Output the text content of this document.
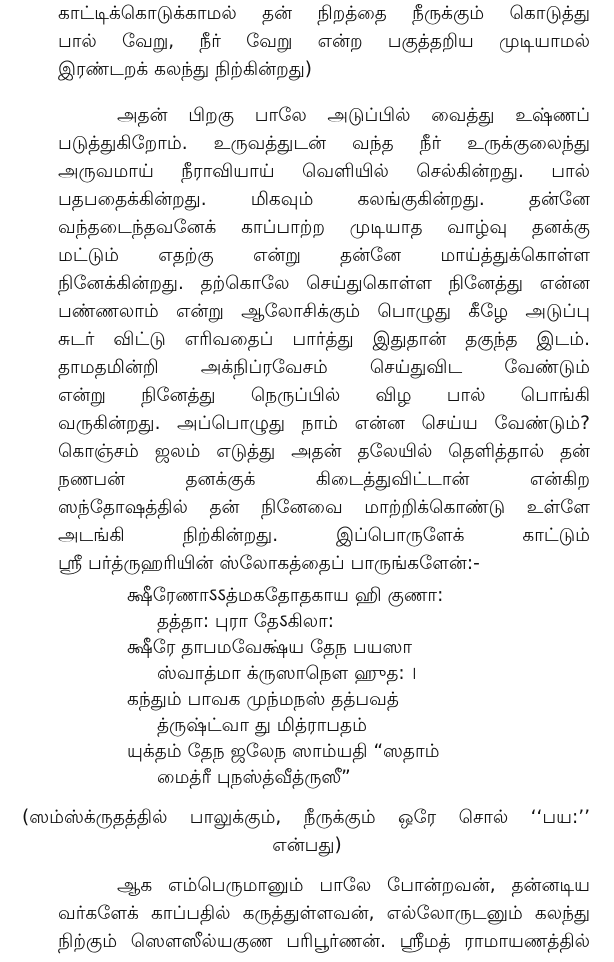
காட்டிக்கொடுக்காமல் தன் நிறத்தை நீருக்கும் கொடுத்து
பால் வேறு, நீர் வேறு என்ற பகுத்தறிய முடியாமல்
இரண்டறக் கலந்து நிற்கின்றது)
அதன் பிறகு பாலே அடுப்பில் வைத்து உஷ்ணப்
படுத்துகிறோம். உருவத்துடன் வந்த நீர் உருக்குலைந்து
அருவமாய் நீராவியாய் வெளியில் செல்கின்றது. பால்
பதபதைக்கின்றது. மிகவும் கலங்குகின்றது. தன்னே
வந்தடைந்தவனேக் காப்பாற்ற முடியாத வாழ்வு தனக்கு
மட்டும் எதற்கு என்று தன்னே மாய்த்துக்கொள்ள
நினேக்கின்றது. தற்கொலே செய்துகொள்ள நினேத்து என்ன
பண்ணலாம் என்று ஆலோசிக்கும் பொழுது கீழே அடுப்பு
சுடர் விட்டு எரிவதைப் பார்த்து இதுதான் தகுந்த இடம்.
தாமதமின்றி அக்நிப்ரவேசம் செய்துவிட வேண்டும்
என்று நினேத்து நெருப்பில் விழ பால் பொங்கி
வருகின்றது. அப்பொழுது நாம் என்ன செய்ய வேண்டும்?
கொஞ்சம் ஜலம் எடுத்து அதன் தலேயில் தெளித்தால் தன்
நணபன் தனக்குக் கிடைத்துவிட்டான் என்கிற
ஸந்தோஷத்தில் தன் நினேவை மாற்றிக்கொண்டு உள்ளே
அடங்கி நிற்கின்றது. இப்பொருளேக் காட்டும்
ஸ்ரீ பர்த்ருஹரியின் ஸ்லோகத்தைப் பாருங்களேன்:-
க்ஷீரேணாऽऽத்மகதோதகாய ஹி குணா:
தத்தா: புரா தேऽகிலா:
க்ஷீரே தாபமவேக்ஷ்ய தேந பயஸா
ஸ்வாத்மா க்ருஸாநௌ ஹுத: ।
கந்தும் பாவக முந்மநஸ் தத்பவத்
த்ருஷ்ட்வா து மித்ராபதம்
யுக்தம் தேந ஜலேந ஸாம்யதி “ஸதாம்
மைத்ரீ புநஸ்த்வீத்ருஸீ”
(ஸம்ஸ்க்ருதத்தில் பாலுக்கும், நீருக்கும் ஒரே சொல் ‘‘பய:’’
என்பது)
ஆக எம்பெருமானும் பாலே போன்றவன், தன்னடிய
வர்களேக் காப்பதில் கருத்துள்ளவன், எல்லோருடனும் கலந்து
நிற்கும் ஸௌஸீல்யகுண பரிபூர்ணன். ஸ்ரீமத் ராமாயணத்தில்
